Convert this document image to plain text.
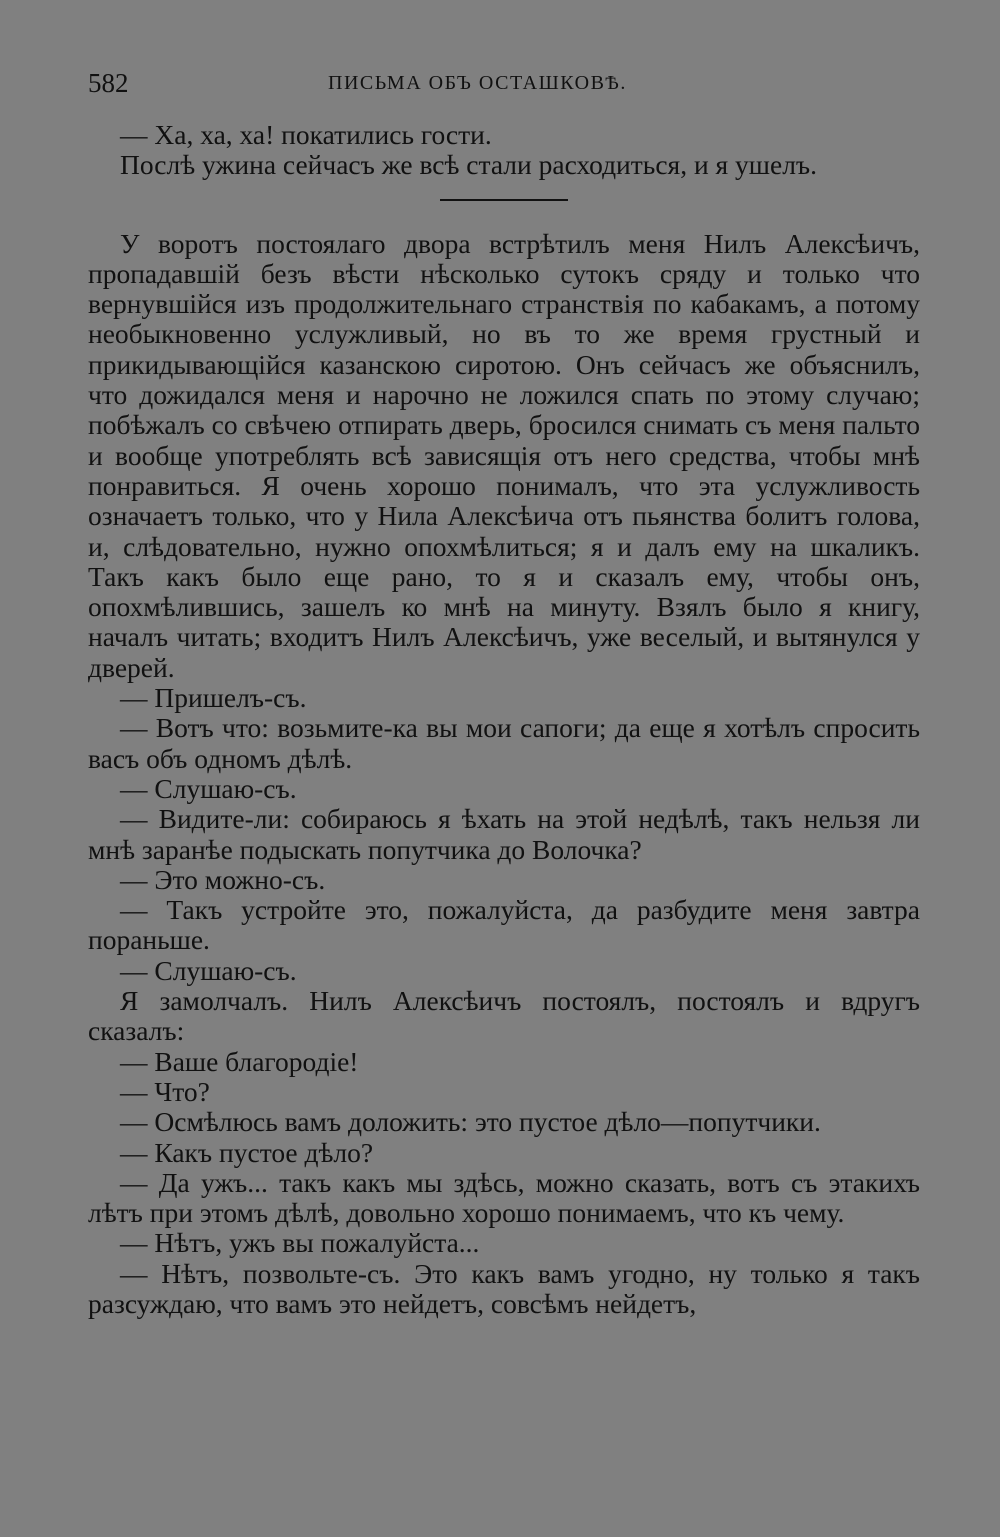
582	ПИСЬМА ОБЪ ОСТАШКОВѢ.

— Ха, ха, ха! покатились гости.

Послѣ ужина сейчасъ же всѣ стали расходиться, и я ушелъ.

У воротъ постоялаго двора встрѣтилъ меня Нилъ Алексѣичъ, пропадавшій безъ вѣсти нѣсколько сутокъ сряду и только что вернувшійся изъ продолжительнаго странствія по кабакамъ, а потому необыкновенно услужливый, но въ то же время грустный и прикидывающійся казанскою сиротою. Онъ сейчасъ же объяснилъ, что дожидался меня и нарочно не ложился спать по этому случаю; побѣжалъ со свѣчею отпирать дверь, бросился снимать съ меня пальто и вообще употреблять всѣ зависящія отъ него средства, чтобы мнѣ понравиться. Я очень хорошо понималъ, что эта услужливость означаетъ только, что у Нила Алексѣича отъ пьянства болитъ голова, и, слѣдовательно, нужно опохмѣлиться; я и далъ ему на шкаликъ. Такъ какъ было еще рано, то я и сказалъ ему, чтобы онъ, опохмѣлившись, зашелъ ко мнѣ на минуту. Взялъ было я книгу, началъ читать; входитъ Нилъ Алексѣичъ, уже веселый, и вытянулся у дверей.

— Пришелъ-съ.

— Вотъ что: возьмите-ка вы мои сапоги; да еще я хотѣлъ спросить васъ объ одномъ дѣлѣ.

— Слушаю-съ.

— Видите-ли: собираюсь я ѣхать на этой недѣлѣ, такъ нельзя ли мнѣ заранѣе подыскать попутчика до Волочка?

— Это можно-съ.

— Такъ устройте это, пожалуйста, да разбудите меня завтра пораньше.

— Слушаю-съ.

Я замолчалъ. Нилъ Алексѣичъ постоялъ, постоялъ и вдругъ сказалъ:

— Ваше благородіе!

— Что?

— Осмѣлюсь вамъ доложить: это пустое дѣло—попутчики.

— Какъ пустое дѣло?

— Да ужъ... такъ какъ мы здѣсь, можно сказать, вотъ съ этакихъ лѣтъ при этомъ дѣлѣ, довольно хорошо понимаемъ, что къ чему.

— Нѣтъ, ужъ вы пожалуйста...

— Нѣтъ, позвольте-съ. Это какъ вамъ угодно, ну только я такъ разсуждаю, что вамъ это нейдетъ, совсѣмъ нейдетъ,
